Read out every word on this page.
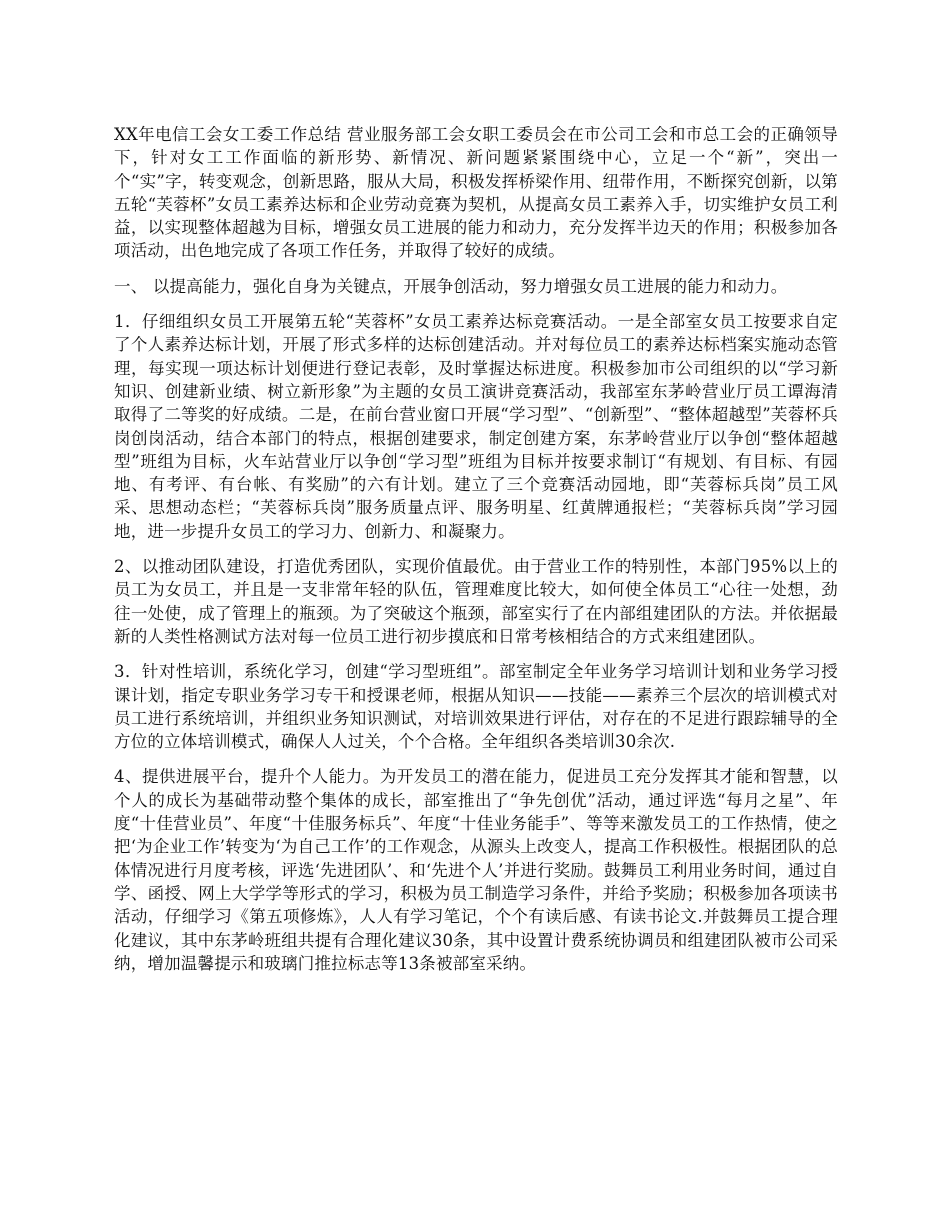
XX年电信工会女工委工作总结 营业服务部工会女职工委员会在市公司工会和市总工会的正确领导下，针对女工工作面临的新形势、新情况、新问题紧紧围绕中心，立足一个“新”，突出一个“实”字，转变观念，创新思路，服从大局，积极发挥桥梁作用、纽带作用，不断探究创新，以第五轮“芙蓉杯”女员工素养达标和企业劳动竞赛为契机，从提高女员工素养入手，切实维护女员工利益，以实现整体超越为目标，增强女员工进展的能力和动力，充分发挥半边天的作用；积极参加各项活动，出色地完成了各项工作任务，并取得了较好的成绩。

一、 以提高能力，强化自身为关键点，开展争创活动，努力增强女员工进展的能力和动力。

1．仔细组织女员工开展第五轮“芙蓉杯”女员工素养达标竞赛活动。一是全部室女员工按要求自定了个人素养达标计划，开展了形式多样的达标创建活动。并对每位员工的素养达标档案实施动态管理，每实现一项达标计划便进行登记表彰，及时掌握达标进度。积极参加市公司组织的以“学习新知识、创建新业绩、树立新形象”为主题的女员工演讲竞赛活动，我部室东茅岭营业厅员工谭海清取得了二等奖的好成绩。二是，在前台营业窗口开展“学习型”、“创新型”、“整体超越型”芙蓉杯兵岗创岗活动，结合本部门的特点，根据创建要求，制定创建方案，东茅岭营业厅以争创“整体超越型”班组为目标，火车站营业厅以争创“学习型”班组为目标并按要求制订“有规划、有目标、有园地、有考评、有台帐、有奖励”的六有计划。建立了三个竞赛活动园地，即“芙蓉标兵岗”员工风采、思想动态栏；“芙蓉标兵岗”服务质量点评、服务明星、红黄牌通报栏；“芙蓉标兵岗”学习园地，进一步提升女员工的学习力、创新力、和凝聚力。

2、以推动团队建设，打造优秀团队，实现价值最优。由于营业工作的特别性，本部门95%以上的员工为女员工，并且是一支非常年轻的队伍，管理难度比较大，如何使全体员工“心往一处想，劲往一处使，成了管理上的瓶颈。为了突破这个瓶颈，部室实行了在内部组建团队的方法。并依据最新的人类性格测试方法对每一位员工进行初步摸底和日常考核相结合的方式来组建团队。

3．针对性培训，系统化学习，创建“学习型班组”。部室制定全年业务学习培训计划和业务学习授课计划，指定专职业务学习专干和授课老师，根据从知识——技能——素养三个层次的培训模式对员工进行系统培训，并组织业务知识测试，对培训效果进行评估，对存在的不足进行跟踪辅导的全方位的立体培训模式，确保人人过关，个个合格。全年组织各类培训30余次.

4、提供进展平台，提升个人能力。为开发员工的潜在能力，促进员工充分发挥其才能和智慧，以个人的成长为基础带动整个集体的成长，部室推出了“争先创优”活动，通过评选“每月之星”、年度“十佳营业员”、年度“十佳服务标兵”、年度“十佳业务能手”、等等来激发员工的工作热情，使之把‘为企业工作’转变为‘为自己工作’的工作观念，从源头上改变人，提高工作积极性。根据团队的总体情况进行月度考核，评选‘先进团队’、和‘先进个人’并进行奖励。鼓舞员工利用业务时间，通过自学、函授、网上大学学等形式的学习，积极为员工制造学习条件，并给予奖励；积极参加各项读书活动，仔细学习《第五项修炼》，人人有学习笔记，个个有读后感、有读书论文.并鼓舞员工提合理化建议，其中东茅岭班组共提有合理化建议30条，其中设置计费系统协调员和组建团队被市公司采纳，增加温馨提示和玻璃门推拉标志等13条被部室采纳。
